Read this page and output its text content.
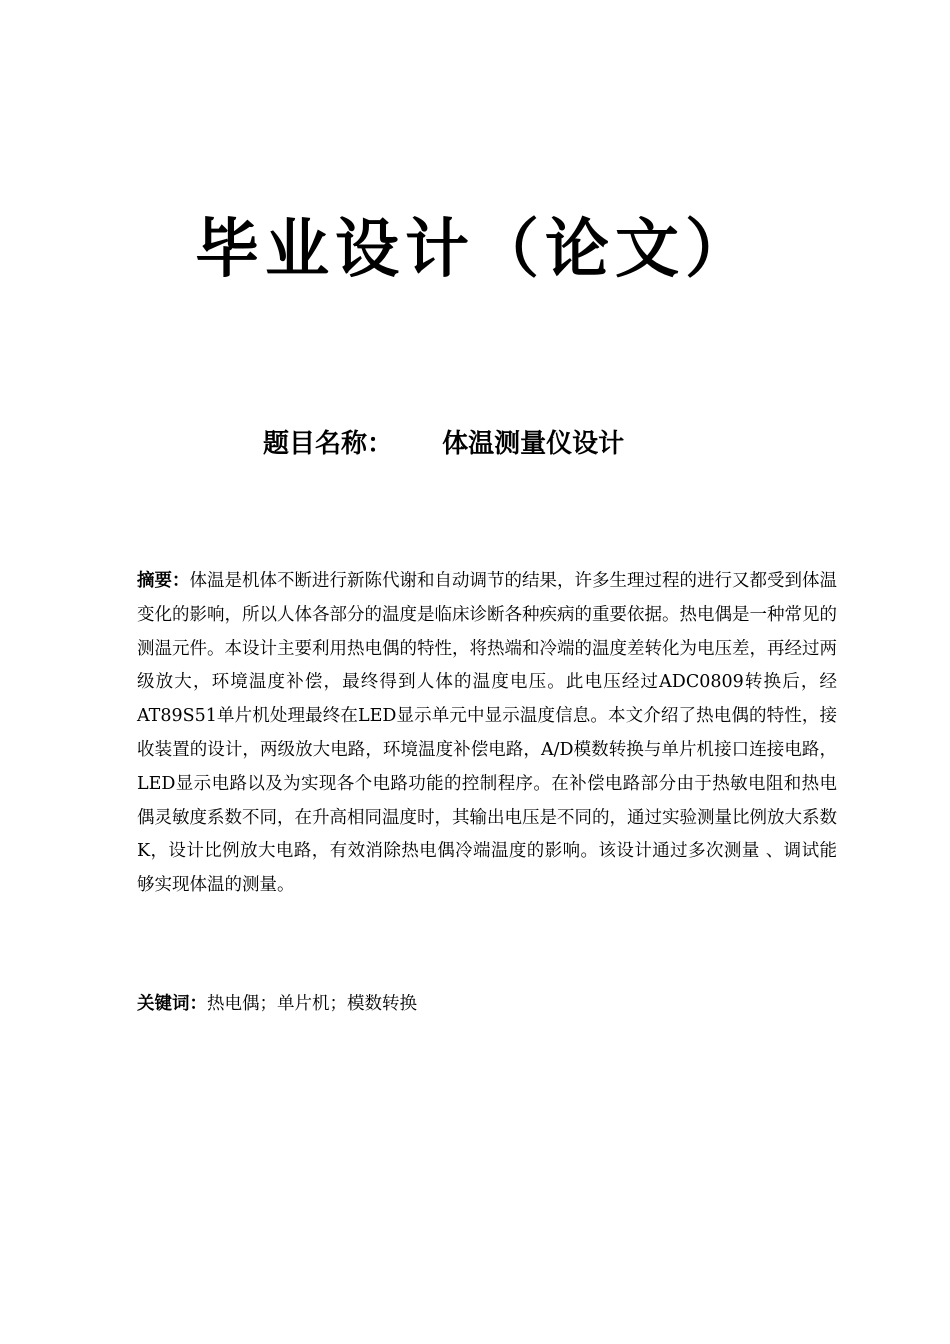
毕业设计（论文）
题目名称： 体温测量仪设计
摘要：体温是机体不断进行新陈代谢和自动调节的结果，许多生理过程的进行又都受到体温变化的影响，所以人体各部分的温度是临床诊断各种疾病的重要依据。热电偶是一种常见的测温元件。本设计主要利用热电偶的特性，将热端和冷端的温度差转化为电压差，再经过两级放大，环境温度补偿，最终得到人体的温度电压。此电压经过ADC0809转换后，经AT89S51单片机处理最终在LED显示单元中显示温度信息。本文介绍了热电偶的特性，接收装置的设计，两级放大电路，环境温度补偿电路，A/D模数转换与单片机接口连接电路，LED显示电路以及为实现各个电路功能的控制程序。在补偿电路部分由于热敏电阻和热电偶灵敏度系数不同，在升高相同温度时，其输出电压是不同的，通过实验测量比例放大系数K，设计比例放大电路，有效消除热电偶冷端温度的影响。该设计通过多次测量 、调试能够实现体温的测量。
关键词：热电偶；单片机；模数转换
